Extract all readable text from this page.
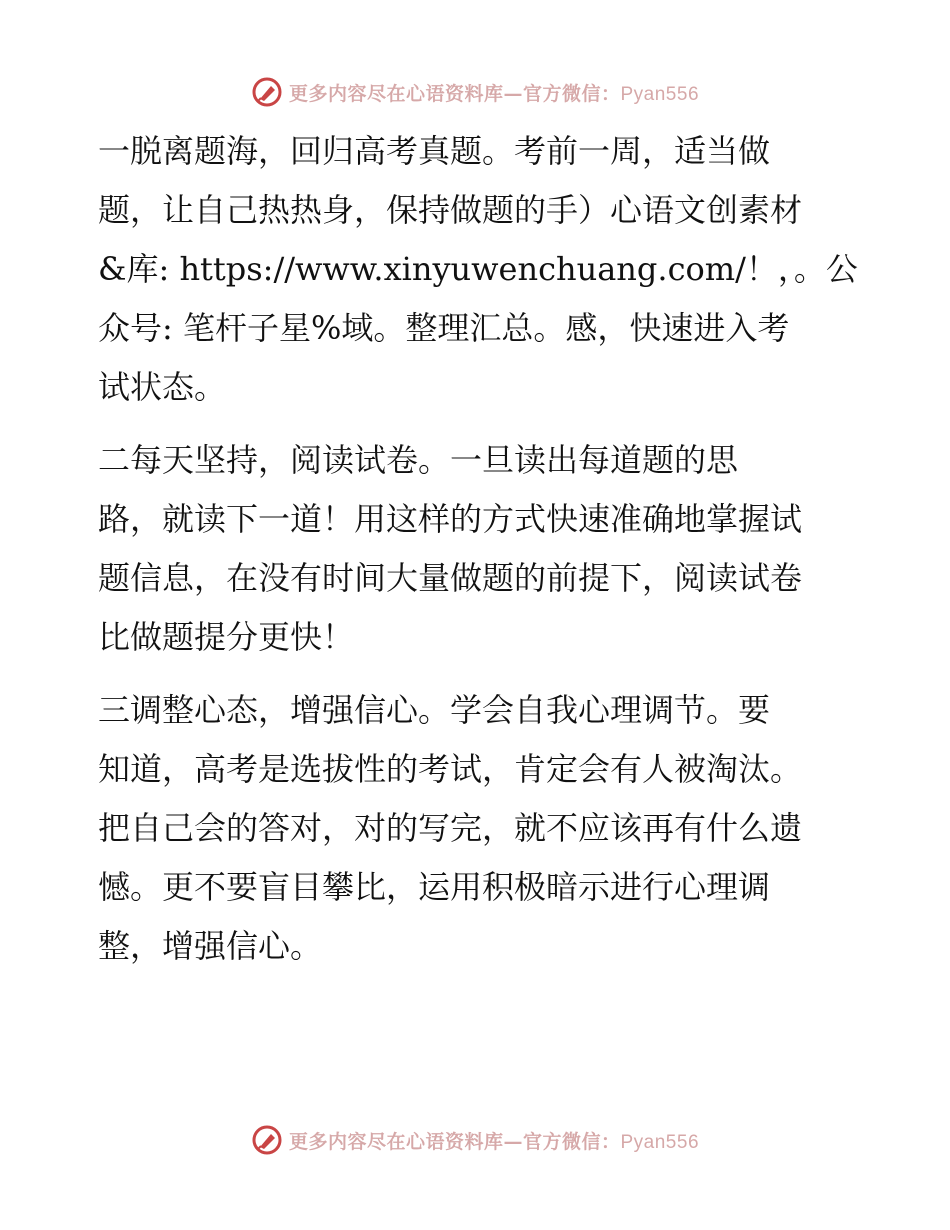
更多内容尽在心语资料库—官方微信：Pyan556

一脱离题海，回归高考真题。考前一周，适当做
题，让自己热热身，保持做题的手）心语文创素材
&库: https://www.xinyuwenchuang.com/！，。公
众号: 笔杆子星%域。整理汇总。感，快速进入考
试状态。

二每天坚持，阅读试卷。一旦读出每道题的思
路，就读下一道！用这样的方式快速准确地掌握试
题信息，在没有时间大量做题的前提下，阅读试卷
比做题提分更快！

三调整心态，增强信心。学会自我心理调节。要
知道，高考是选拔性的考试，肯定会有人被淘汰。
把自己会的答对，对的写完，就不应该再有什么遗
憾。更不要盲目攀比，运用积极暗示进行心理调
整，增强信心。

更多内容尽在心语资料库—官方微信：Pyan556
